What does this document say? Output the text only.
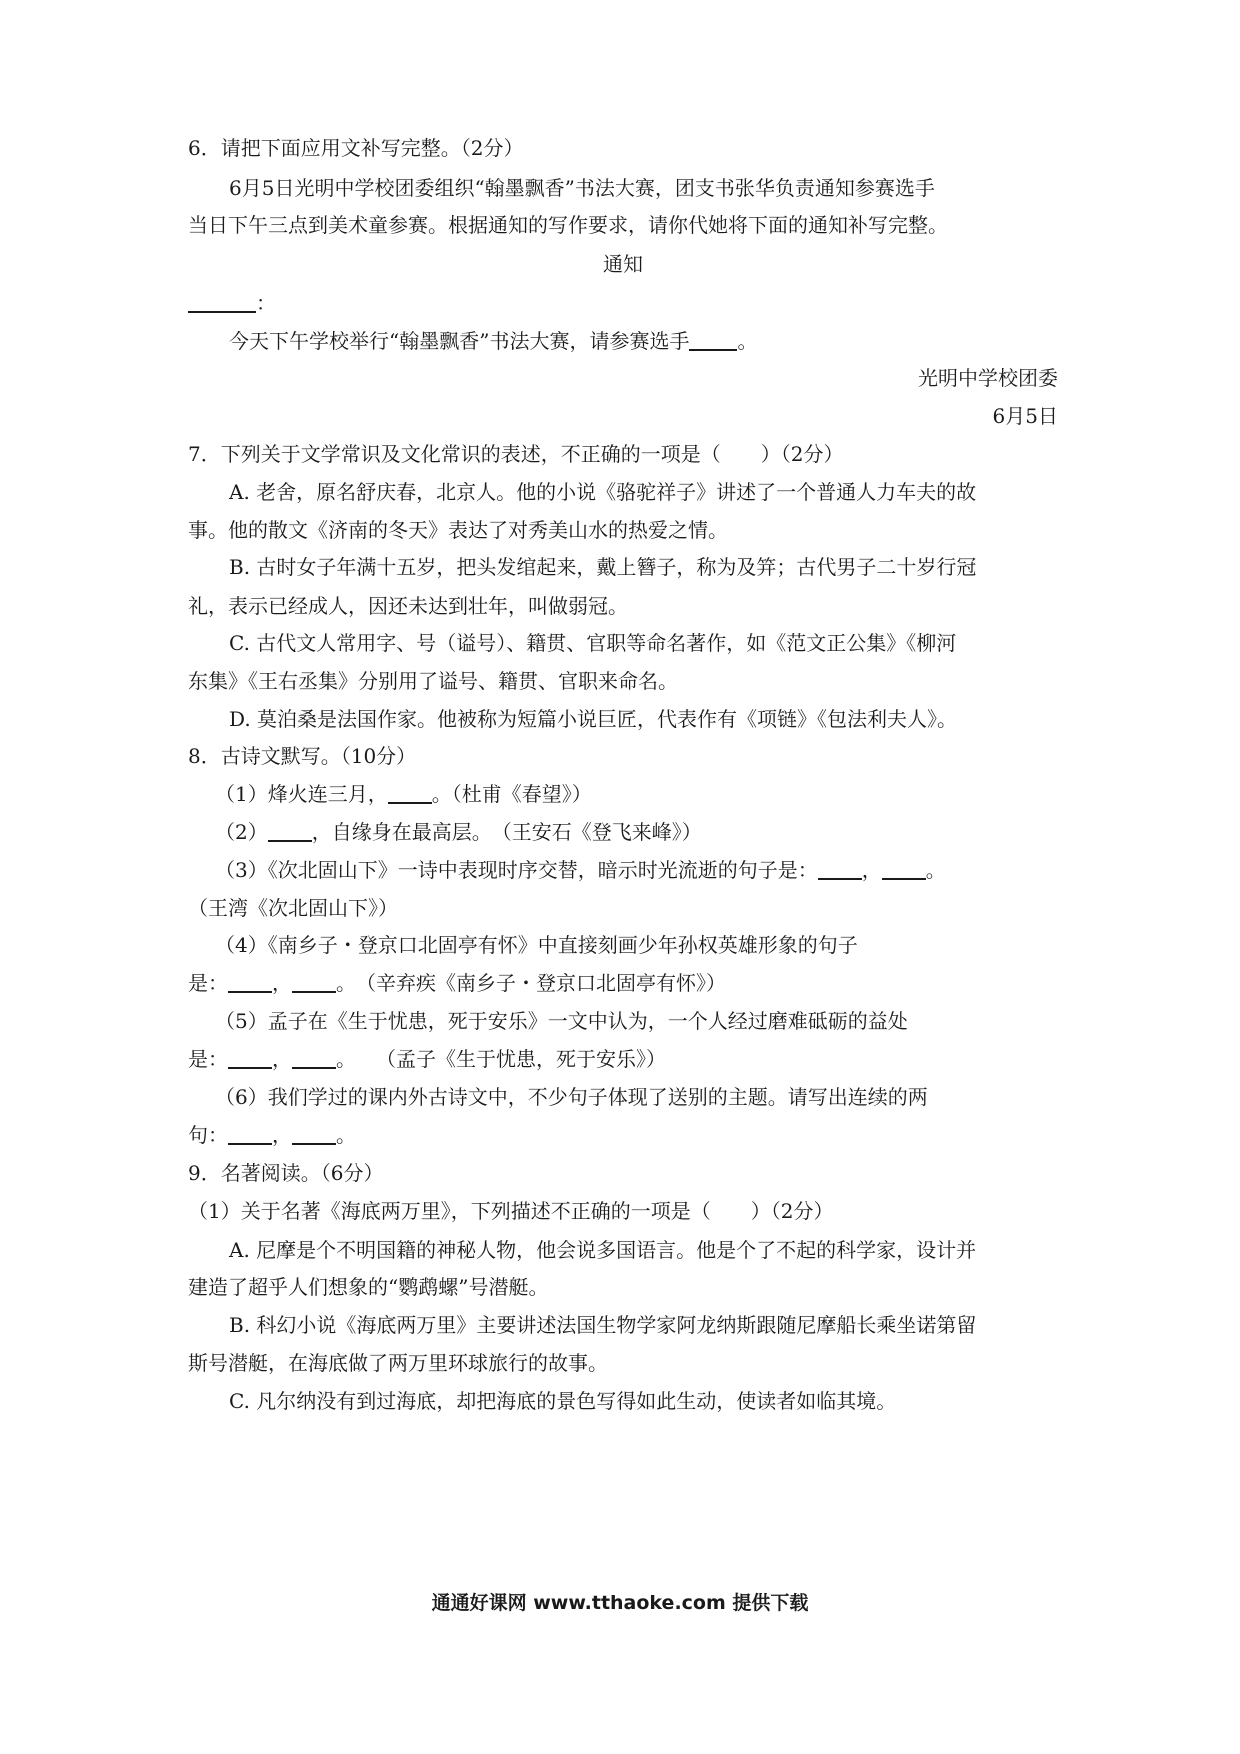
6．请把下面应用文补写完整。（2分）
6月5日光明中学校团委组织“翰墨飘香”书法大赛，团支书张华负责通知参赛选手
当日下午三点到美术童参赛。根据通知的写作要求，请你代她将下面的通知补写完整。
通知
：
今天下午学校举行“翰墨飘香”书法大赛，请参赛选手 。
光明中学校团委
6月5日
7．下列关于文学常识及文化常识的表述，不正确的一项是（　　）（2分）
A. 老舍，原名舒庆春，北京人。他的小说《骆驼祥子》讲述了一个普通人力车夫的故
事。他的散文《济南的冬天》表达了对秀美山水的热爱之情。
B. 古时女子年满十五岁，把头发绾起来，戴上簪子，称为及笄；古代男子二十岁行冠
礼，表示已经成人，因还未达到壮年，叫做弱冠。
C. 古代文人常用字、号（谥号）、籍贯、官职等命名著作，如《范文正公集》《柳河
东集》《王右丞集》分别用了谥号、籍贯、官职来命名。
D. 莫泊桑是法国作家。他被称为短篇小说巨匠，代表作有《项链》《包法利夫人》。
8．古诗文默写。（10分）
（1）烽火连三月， 。（杜甫《春望》）
（2） ，自缘身在最高层。　（王安石《登飞来峰》）
（3）《次北固山下》一诗中表现时序交替，暗示时光流逝的句子是： ， 。
（王湾《次北固山下》）
（4）《南乡子・登京口北固亭有怀》中直接刻画少年孙权英雄形象的句子
是： ， 。　（辛弃疾《南乡子・登京口北固亭有怀》）
（5）孟子在《生于忧患，死于安乐》一文中认为，一个人经过磨难砥砺的益处
是： ， 。　　（孟子《生于忧患，死于安乐》）
（6）我们学过的课内外古诗文中，不少句子体现了送别的主题。请写出连续的两
句： ， 。
9．名著阅读。（6分）
（1）关于名著《海底两万里》，下列描述不正确的一项是（　　）（2分）
A. 尼摩是个不明国籍的神秘人物，他会说多国语言。他是个了不起的科学家，设计并
建造了超乎人们想象的“鹦鹉螺”号潜艇。
B. 科幻小说《海底两万里》主要讲述法国生物学家阿龙纳斯跟随尼摩船长乘坐诺第留
斯号潜艇，在海底做了两万里环球旅行的故事。
C. 凡尔纳没有到过海底，却把海底的景色写得如此生动，使读者如临其境。
通通好课网 www.tthaoke.com 提供下载
